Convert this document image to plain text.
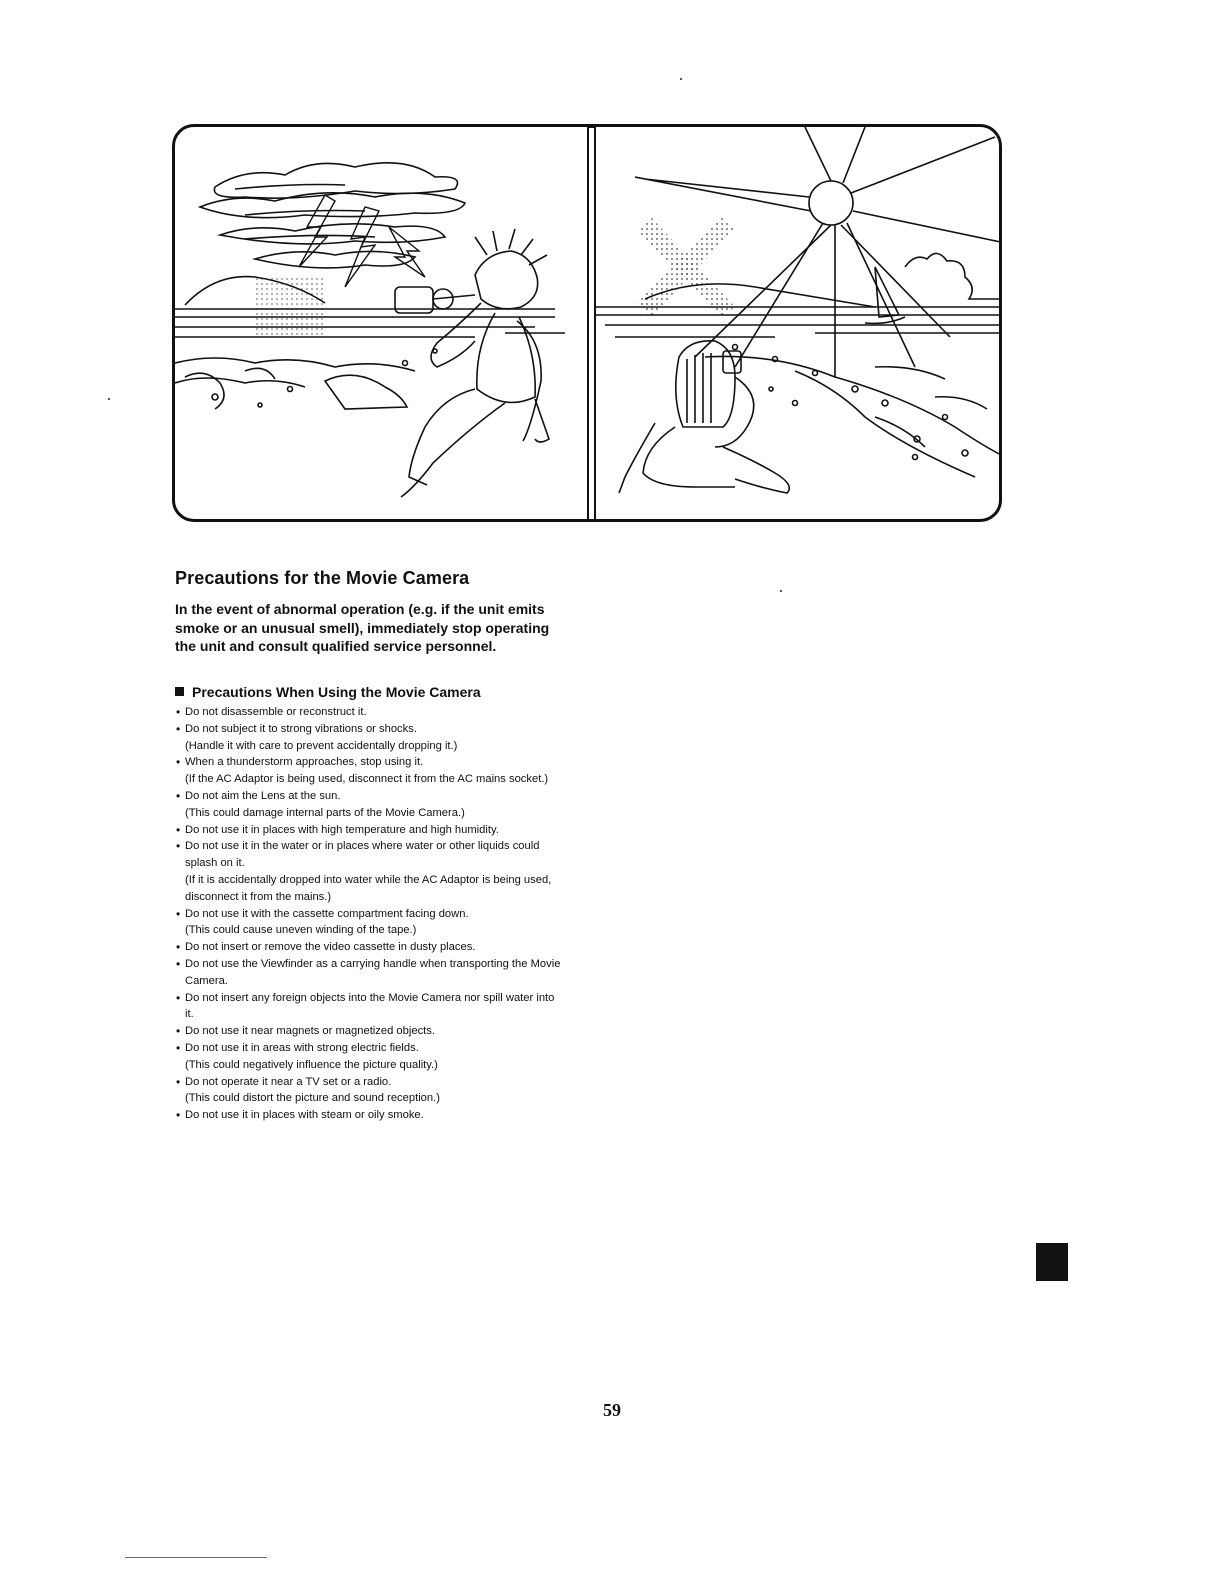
Precautions for the Movie Camera
In the event of abnormal operation (e.g. if the unit emits smoke or an unusual smell), immediately stop operating the unit and consult qualified service personnel.
Precautions When Using the Movie Camera
• Do not disassemble or reconstruct it.
• Do not subject it to strong vibrations or shocks.
(Handle it with care to prevent accidentally dropping it.)
• When a thunderstorm approaches, stop using it.
(If the AC Adaptor is being used, disconnect it from the AC mains socket.)
• Do not aim the Lens at the sun.
(This could damage internal parts of the Movie Camera.)
• Do not use it in places with high temperature and high humidity.
• Do not use it in the water or in places where water or other liquids could splash on it.
(If it is accidentally dropped into water while the AC Adaptor is being used, disconnect it from the mains.)
• Do not use it with the cassette compartment facing down.
(This could cause uneven winding of the tape.)
• Do not insert or remove the video cassette in dusty places.
• Do not use the Viewfinder as a carrying handle when transporting the Movie Camera.
• Do not insert any foreign objects into the Movie Camera nor spill water into it.
• Do not use it near magnets or magnetized objects.
• Do not use it in areas with strong electric fields.
(This could negatively influence the picture quality.)
• Do not operate it near a TV set or a radio.
(This could distort the picture and sound reception.)
• Do not use it in places with steam or oily smoke.
59
